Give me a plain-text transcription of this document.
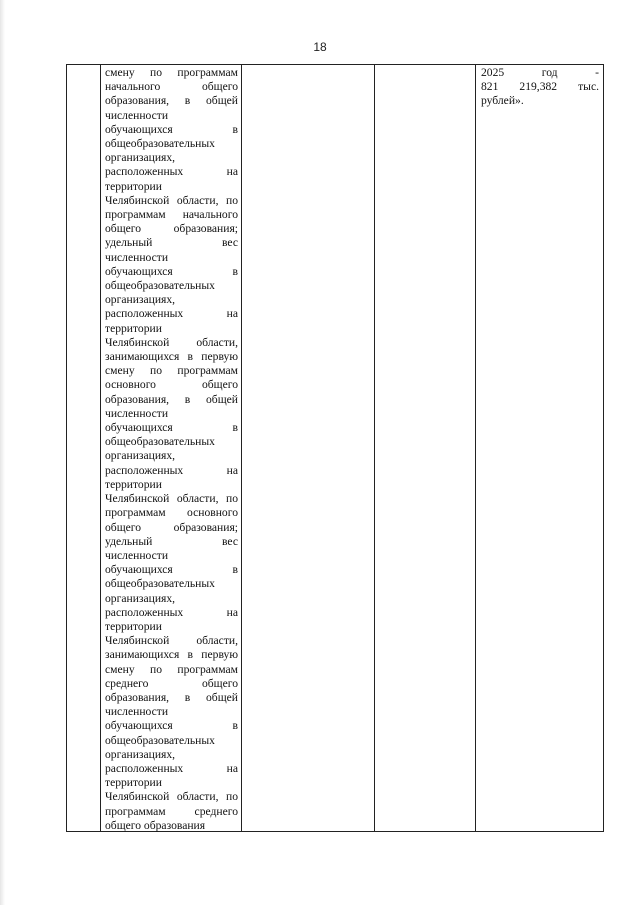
18
смену по программам
начального общего
образования, в общей
численности
обучающихся в
общеобразовательных
организациях,
расположенных на
территории
Челябинской области, по
программам начального
общего образования;
удельный вес
численности
обучающихся в
общеобразовательных
организациях,
расположенных на
территории
Челябинской области,
занимающихся в первую
смену по программам
основного общего
образования, в общей
численности
обучающихся в
общеобразовательных
организациях,
расположенных на
территории
Челябинской области, по
программам основного
общего образования;
удельный вес
численности
обучающихся в
общеобразовательных
организациях,
расположенных на
территории
Челябинской области,
занимающихся в первую
смену по программам
среднего общего
образования, в общей
численности
обучающихся в
общеобразовательных
организациях,
расположенных на
территории
Челябинской области, по
программам среднего
общего образования
2025 год -
821 219,382 тыс.
рублей».
